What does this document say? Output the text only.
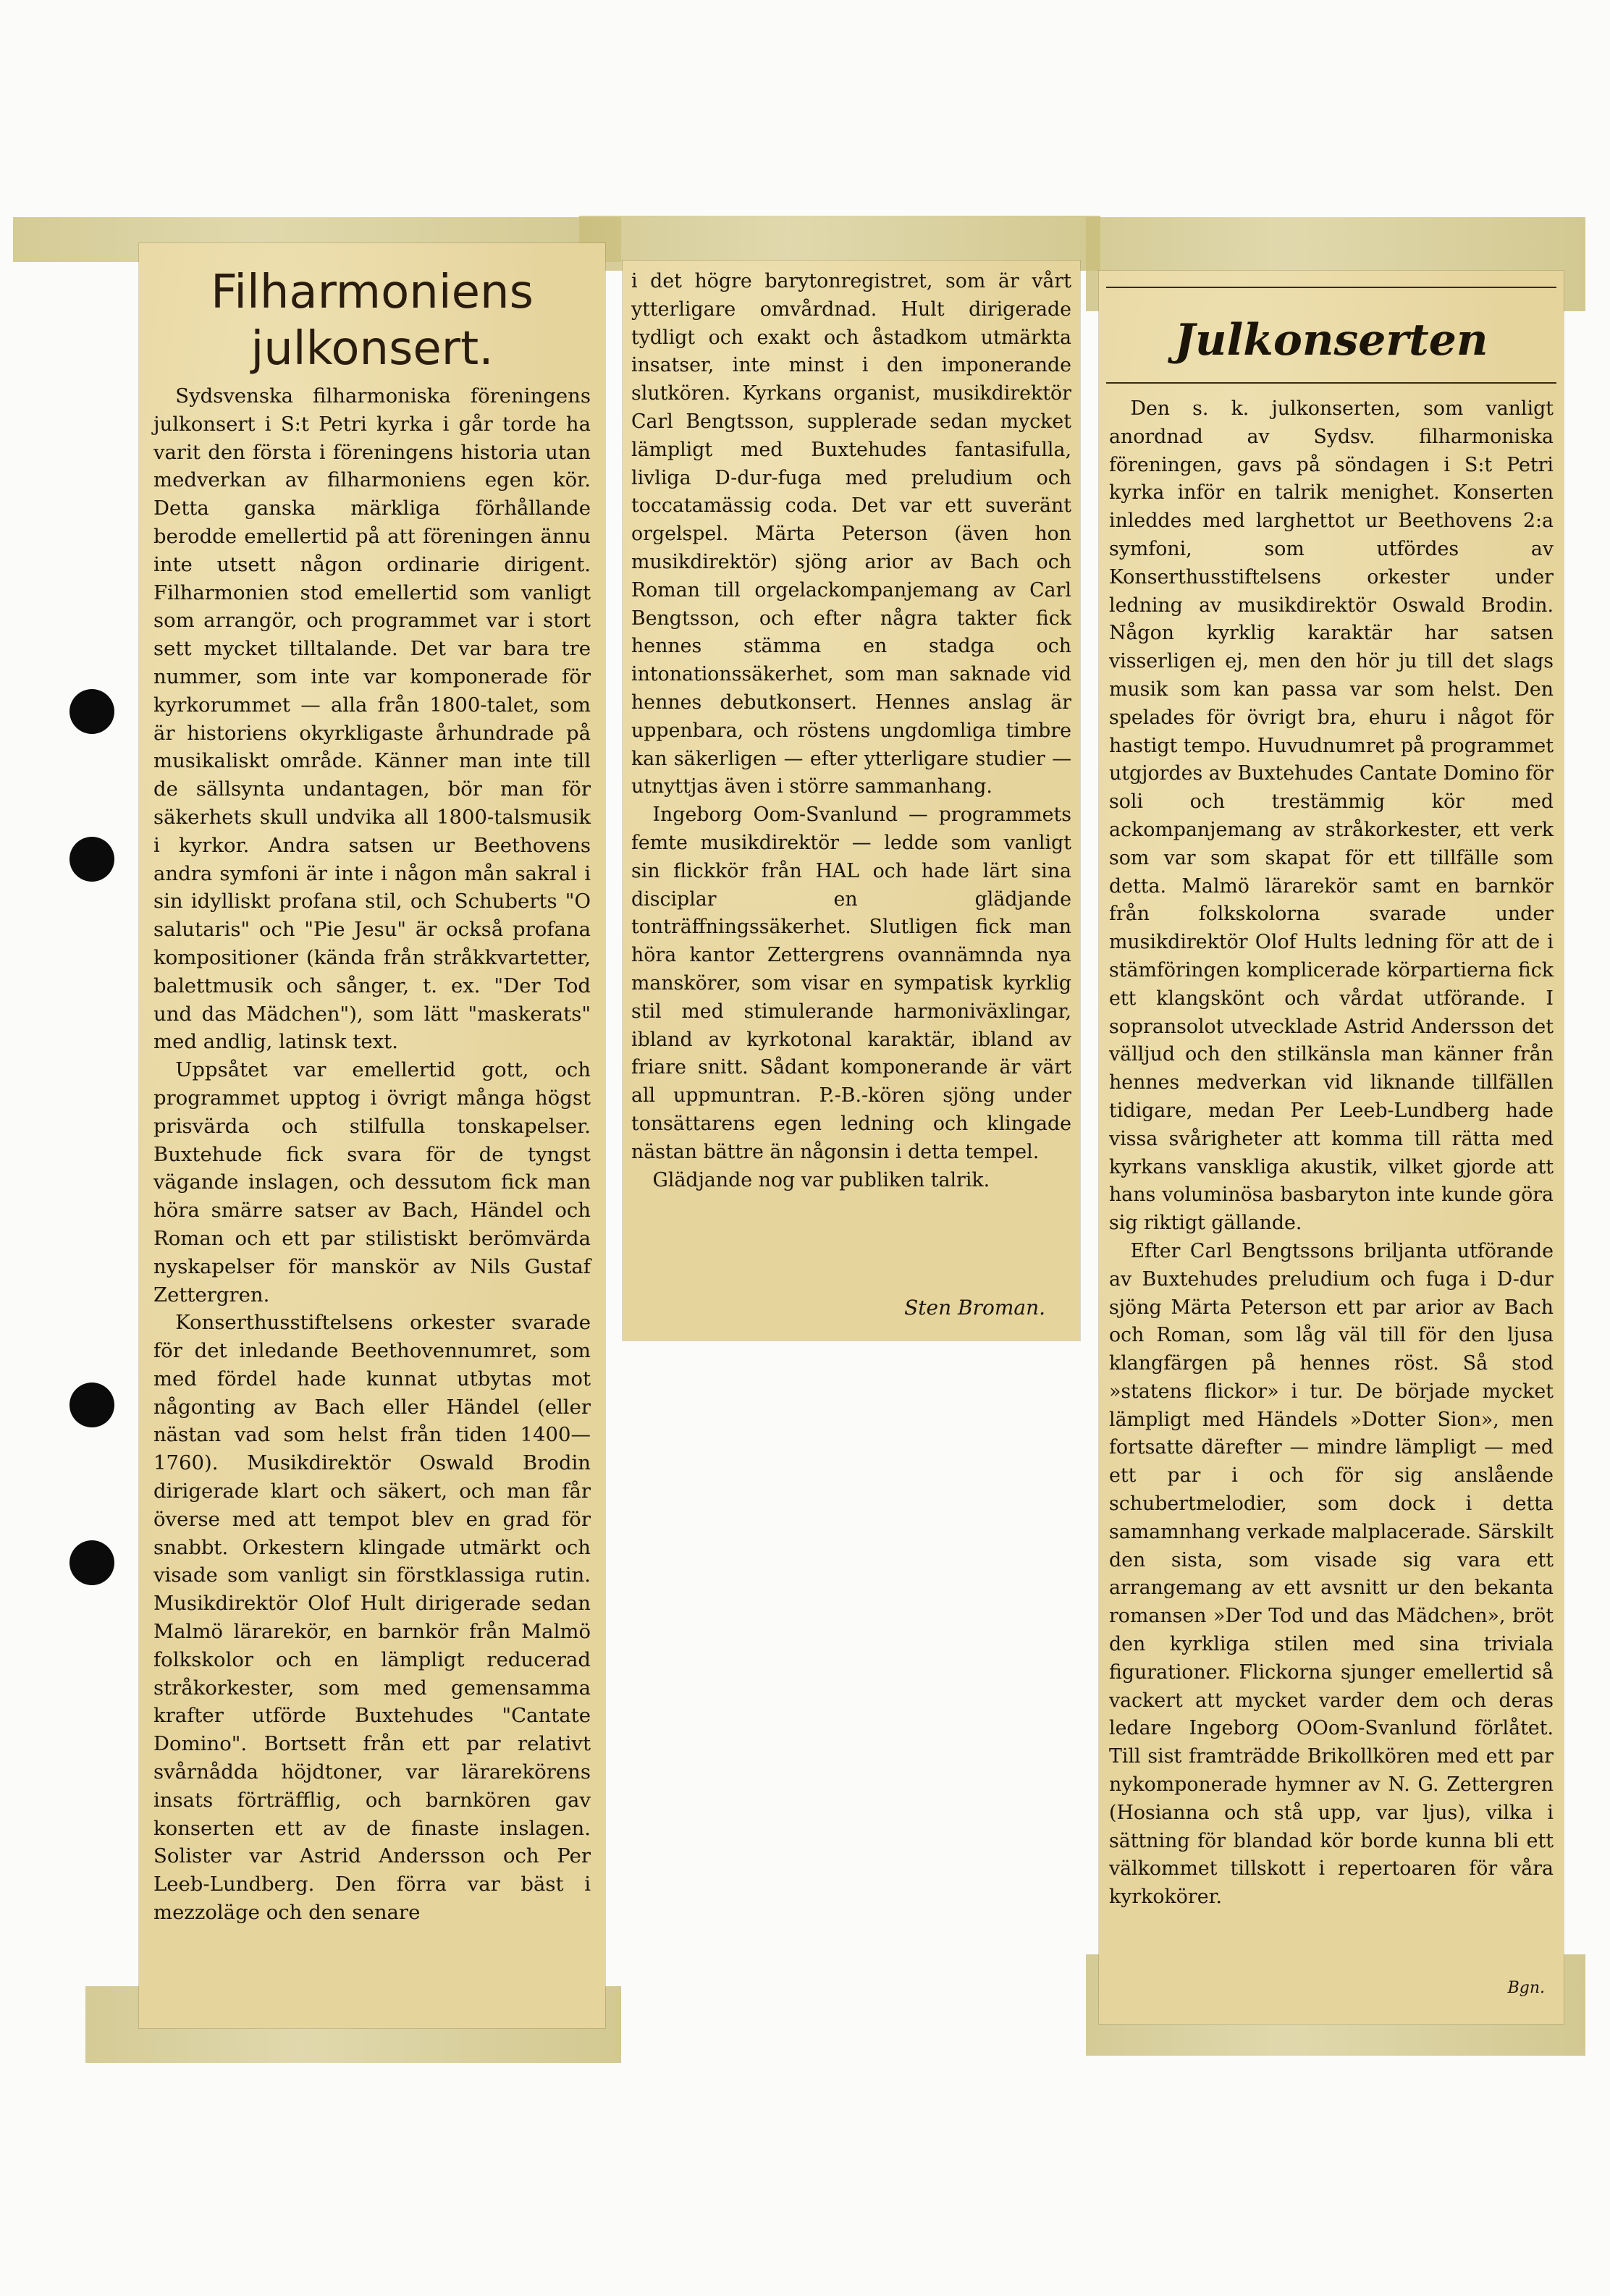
Filharmoniens
julkonsert.

Sydsvenska filharmoniska föreningens julkonsert i S:t Petri kyrka i går torde ha varit den första i föreningens historia utan medverkan av filharmoniens egen kör. Detta ganska märkliga förhållande berodde emellertid på att föreningen ännu inte utsett någon ordinarie dirigent. Filharmonien stod emellertid som vanligt som arrangör, och programmet var i stort sett mycket tilltalande. Det var bara tre nummer, som inte var komponerade för kyrkorummet — alla från 1800-talet, som är historiens okyrkligaste århundrade på musikaliskt område. Känner man inte till de sällsynta undantagen, bör man för säkerhets skull undvika all 1800-talsmusik i kyrkor. Andra satsen ur Beethovens andra symfoni är inte i någon mån sakral i sin idylliskt profana stil, och Schuberts "O salutaris" och "Pie Jesu" är också profana kompositioner (kända från stråkkvartetter, balettmusik och sånger, t. ex. "Der Tod und das Mädchen"), som lätt "maskerats" med andlig, latinsk text.

Uppsåtet var emellertid gott, och programmet upptog i övrigt många högst prisvärda och stilfulla tonskapelser. Buxtehude fick svara för de tyngst vägande inslagen, och dessutom fick man höra smärre satser av Bach, Händel och Roman och ett par stilistiskt berömvärda nyskapelser för manskör av Nils Gustaf Zettergren.

Konserthusstiftelsens orkester svarade för det inledande Beethovennumret, som med fördel hade kunnat utbytas mot någonting av Bach eller Händel (eller nästan vad som helst från tiden 1400—1760). Musikdirektör Oswald Brodin dirigerade klart och säkert, och man får överse med att tempot blev en grad för snabbt. Orkestern klingade utmärkt och visade som vanligt sin förstklassiga rutin. Musikdirektör Olof Hult dirigerade sedan Malmö lärarekör, en barnkör från Malmö folkskolor och en lämpligt reducerad stråkorkester, som med gemensamma krafter utförde Buxtehudes "Cantate Domino". Bortsett från ett par relativt svårnådda höjdtoner, var lärarekörens insats förträfflig, och barnkören gav konserten ett av de finaste inslagen. Solister var Astrid Andersson och Per Leeb-Lundberg. Den förra var bäst i mezzoläge och den senare

i det högre barytonregistret, som är vårt ytterligare omvårdnad. Hult dirigerade tydligt och exakt och åstadkom utmärkta insatser, inte minst i den imponerande slutkören. Kyrkans organist, musikdirektör Carl Bengtsson, supplerade sedan mycket lämpligt med Buxtehudes fantasifulla, livliga D-dur-fuga med preludium och toccatamässig coda. Det var ett suveränt orgelspel. Märta Peterson (även hon musikdirektör) sjöng arior av Bach och Roman till orgelackompanjemang av Carl Bengtsson, och efter några takter fick hennes stämma en stadga och intonationssäkerhet, som man saknade vid hennes debutkonsert. Hennes anslag är uppenbara, och röstens ungdomliga timbre kan säkerligen — efter ytterligare studier — utnyttjas även i större sammanhang.

Ingeborg Oom-Svanlund — programmets femte musikdirektör — ledde som vanligt sin flickkör från HAL och hade lärt sina disciplar en glädjande tonträffningssäkerhet. Slutligen fick man höra kantor Zettergrens ovannämnda nya manskörer, som visar en sympatisk kyrklig stil med stimulerande harmoniväxlingar, ibland av kyrkotonal karaktär, ibland av friare snitt. Sådant komponerande är värt all uppmuntran. P.-B.-kören sjöng under tonsättarens egen ledning och klingade nästan bättre än någonsin i detta tempel.

Glädjande nog var publiken talrik.

Sten Broman.
Julkonserten

Den s. k. julkonserten, som vanligt anordnad av Sydsv. filharmoniska föreningen, gavs på söndagen i S:t Petri kyrka inför en talrik menighet. Konserten inleddes med larghettot ur Beethovens 2:a symfoni, som utfördes av Konserthusstiftelsens orkester under ledning av musikdirektör Oswald Brodin. Någon kyrklig karaktär har satsen visserligen ej, men den hör ju till det slags musik som kan passa var som helst. Den spelades för övrigt bra, ehuru i något för hastigt tempo. Huvudnumret på programmet utgjordes av Buxtehudes Cantate Domino för soli och trestämmig kör med ackompanjemang av stråkorkester, ett verk som var som skapat för ett tillfälle som detta. Malmö lärarekör samt en barnkör från folkskolorna svarade under musikdirektör Olof Hults ledning för att de i stämföringen komplicerade körpartierna fick ett klangskönt och vårdat utförande. I sopransolot utvecklade Astrid Andersson det välljud och den stilkänsla man känner från hennes medverkan vid liknande tillfällen tidigare, medan Per Leeb-Lundberg hade vissa svårigheter att komma till rätta med kyrkans vanskliga akustik, vilket gjorde att hans voluminösa basbaryton inte kunde göra sig riktigt gällande.

Efter Carl Bengtssons briljanta utförande av Buxtehudes preludium och fuga i D-dur sjöng Märta Peterson ett par arior av Bach och Roman, som låg väl till för den ljusa klangfärgen på hennes röst. Så stod »statens flickor» i tur. De började mycket lämpligt med Händels »Dotter Sion», men fortsatte därefter — mindre lämpligt — med ett par i och för sig anslående schubertmelodier, som dock i detta samamnhang verkade malplacerade. Särskilt den sista, som visade sig vara ett arrangemang av ett avsnitt ur den bekanta romansen »Der Tod und das Mädchen», bröt den kyrkliga stilen med sina triviala figurationer. Flickorna sjunger emellertid så vackert att mycket varder dem och deras ledare Ingeborg OOom-Svanlund förlåtet. Till sist framträdde Brikollkören med ett par nykomponerade hymner av N. G. Zettergren (Hosianna och stå upp, var ljus), vilka i sättning för blandad kör borde kunna bli ett välkommet tillskott i repertoaren för våra kyrkokörer.

Bgn.
